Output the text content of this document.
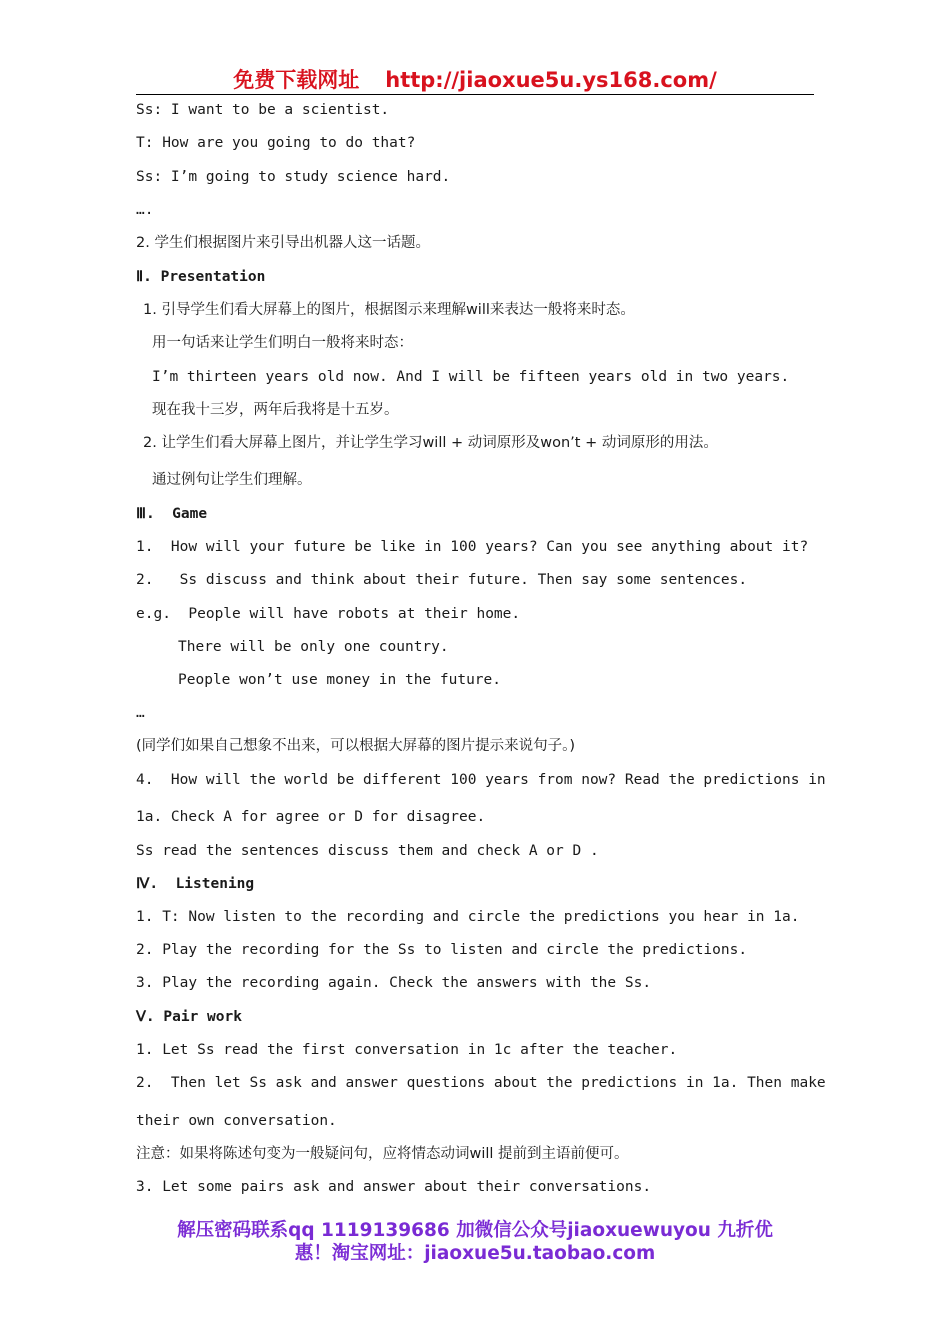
免费下载网址 http://jiaoxue5u.ys168.com/
Ss: I want to be a scientist.
T: How are you going to do that?
Ss: I’m going to study science hard.
….
2. 学生们根据图片来引导出机器人这一话题。
Ⅱ. Presentation
1. 引导学生们看大屏幕上的图片，根据图示来理解will来表达一般将来时态。
用一句话来让学生们明白一般将来时态：
I’m thirteen years old now. And I will be fifteen years old in two years.
现在我十三岁，两年后我将是十五岁。
2. 让学生们看大屏幕上图片，并让学生学习will + 动词原形及won’t + 动词原形的用法。
通过例句让学生们理解。
Ⅲ.  Game
1.  How will your future be like in 100 years? Can you see anything about it?
2.   Ss discuss and think about their future. Then say some sentences.
e.g.  People will have robots at their home.
There will be only one country.
People won’t use money in the future.
…
(同学们如果自己想象不出来，可以根据大屏幕的图片提示来说句子。)
4.  How will the world be different 100 years from now? Read the predictions in
1a. Check A for agree or D for disagree.
Ss read the sentences discuss them and check A or D .
Ⅳ.  Listening
1. T: Now listen to the recording and circle the predictions you hear in 1a.
2. Play the recording for the Ss to listen and circle the predictions.
3. Play the recording again. Check the answers with the Ss.
Ⅴ. Pair work
1. Let Ss read the first conversation in 1c after the teacher.
2.  Then let Ss ask and answer questions about the predictions in 1a. Then make
their own conversation.
注意：如果将陈述句变为一般疑问句，应将情态动词will 提前到主语前便可。
3. Let some pairs ask and answer about their conversations.
解压密码联系qq 1119139686 加微信公众号jiaoxuewuyou 九折优
惠！淘宝网址：jiaoxue5u.taobao.com
